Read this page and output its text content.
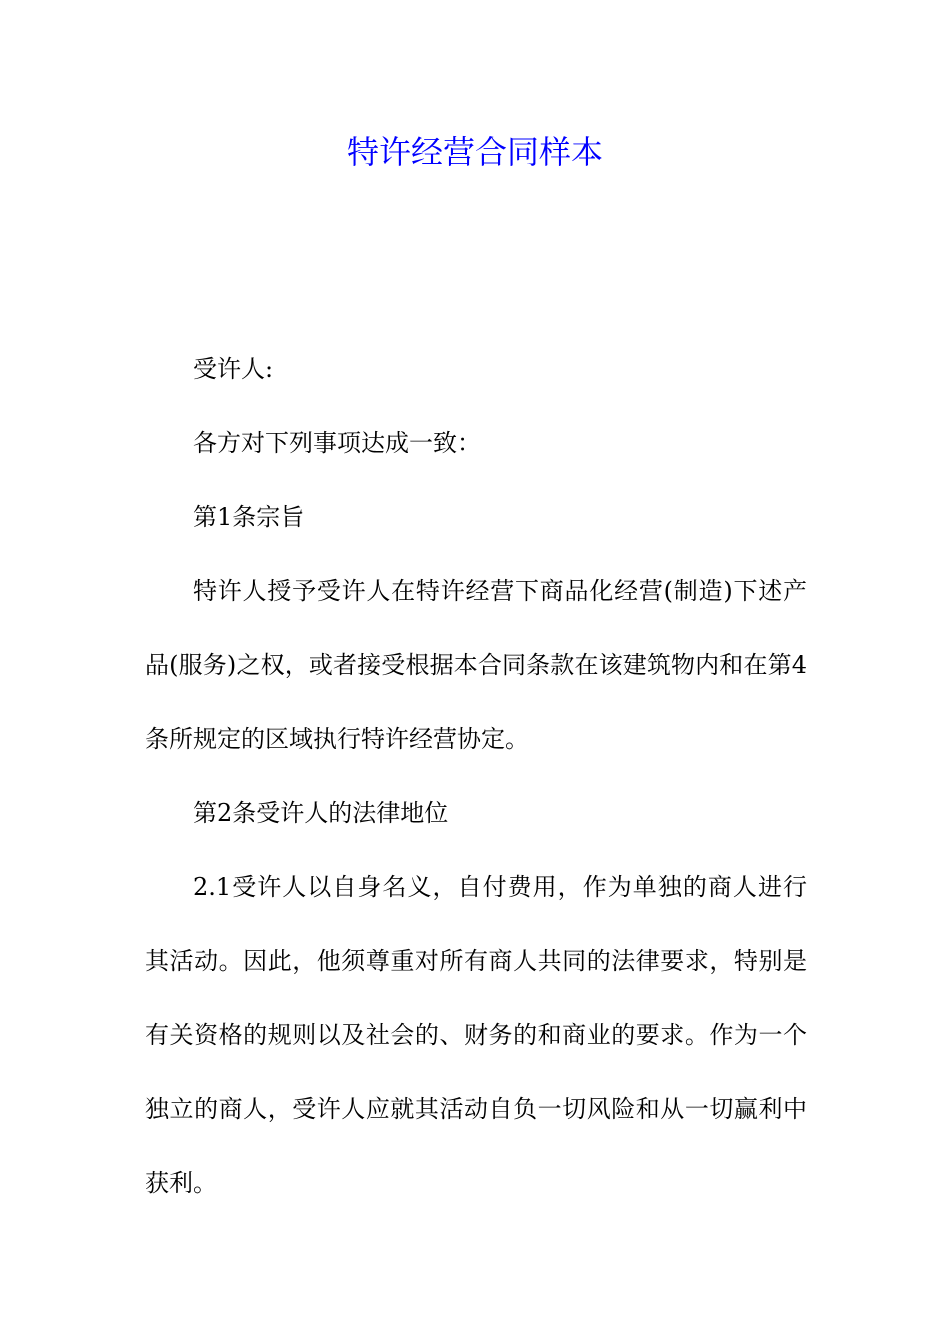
特许经营合同样本

受许人:

各方对下列事项达成一致：

第1条宗旨

特许人授予受许人在特许经营下商品化经营(制造)下述产品(服务)之权，或者接受根据本合同条款在该建筑物内和在第4条所规定的区域执行特许经营协定。

第2条受许人的法律地位

2.1受许人以自身名义，自付费用，作为单独的商人进行其活动。因此，他须尊重对所有商人共同的法律要求，特别是有关资格的规则以及社会的、财务的和商业的要求。作为一个独立的商人，受许人应就其活动自负一切风险和从一切赢利中获利。
